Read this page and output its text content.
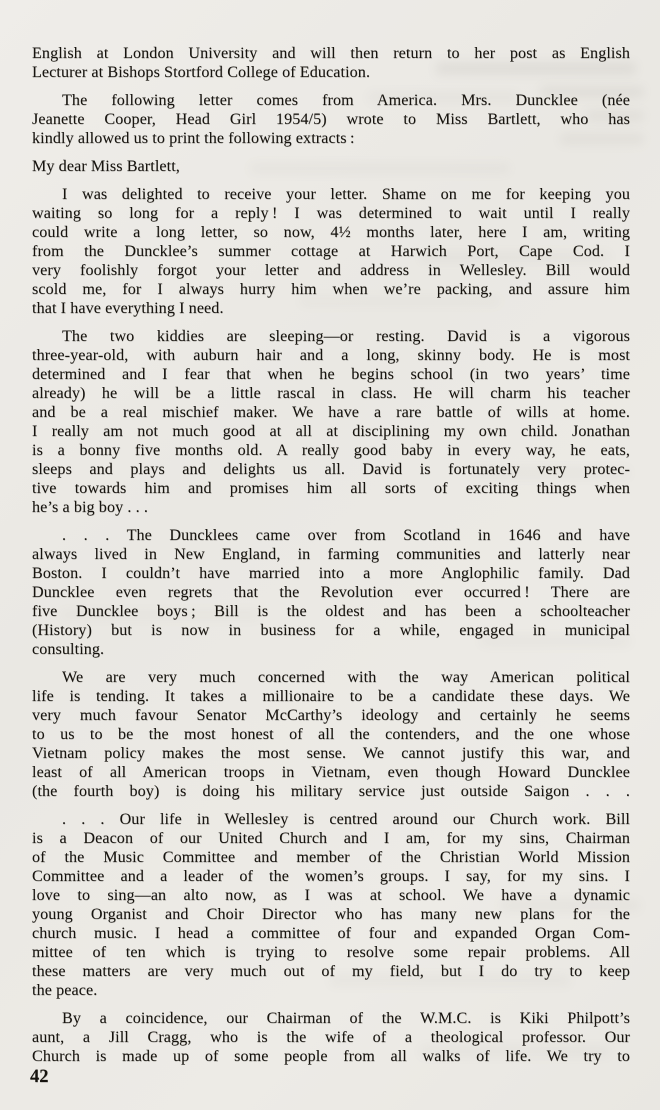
English at London University and will then return to her post as English
Lecturer at Bishops Stortford College of Education.

The following letter comes from America. Mrs. Duncklee (née
Jeanette Cooper, Head Girl 1954/5) wrote to Miss Bartlett, who has
kindly allowed us to print the following extracts :

My dear Miss Bartlett,

I was delighted to receive your letter. Shame on me for keeping you
waiting so long for a reply ! I was determined to wait until I really
could write a long letter, so now, 4½ months later, here I am, writing
from the Duncklee’s summer cottage at Harwich Port, Cape Cod. I
very foolishly forgot your letter and address in Wellesley. Bill would
scold me, for I always hurry him when we’re packing, and assure him
that I have everything I need.

The two kiddies are sleeping—or resting. David is a vigorous
three-year-old, with auburn hair and a long, skinny body. He is most
determined and I fear that when he begins school (in two years’ time
already) he will be a little rascal in class. He will charm his teacher
and be a real mischief maker. We have a rare battle of wills at home.
I really am not much good at all at disciplining my own child. Jonathan
is a bonny five months old. A really good baby in every way, he eats,
sleeps and plays and delights us all. David is fortunately very protec-
tive towards him and promises him all sorts of exciting things when
he’s a big boy . . .

. . . The Duncklees came over from Scotland in 1646 and have
always lived in New England, in farming communities and latterly near
Boston. I couldn’t have married into a more Anglophilic family. Dad
Duncklee even regrets that the Revolution ever occurred ! There are
five Duncklee boys ; Bill is the oldest and has been a schoolteacher
(History) but is now in business for a while, engaged in municipal
consulting.

We are very much concerned with the way American political
life is tending. It takes a millionaire to be a candidate these days. We
very much favour Senator McCarthy’s ideology and certainly he seems
to us to be the most honest of all the contenders, and the one whose
Vietnam policy makes the most sense. We cannot justify this war, and
least of all American troops in Vietnam, even though Howard Duncklee
(the fourth boy) is doing his military service just outside Saigon . . .

. . . Our life in Wellesley is centred around our Church work. Bill
is a Deacon of our United Church and I am, for my sins, Chairman
of the Music Committee and member of the Christian World Mission
Committee and a leader of the women’s groups. I say, for my sins. I
love to sing—an alto now, as I was at school. We have a dynamic
young Organist and Choir Director who has many new plans for the
church music. I head a committee of four and expanded Organ Com-
mittee of ten which is trying to resolve some repair problems. All
these matters are very much out of my field, but I do try to keep
the peace.

By a coincidence, our Chairman of the W.M.C. is Kiki Philpott’s
aunt, a Jill Cragg, who is the wife of a theological professor. Our
Church is made up of some people from all walks of life. We try to

42
